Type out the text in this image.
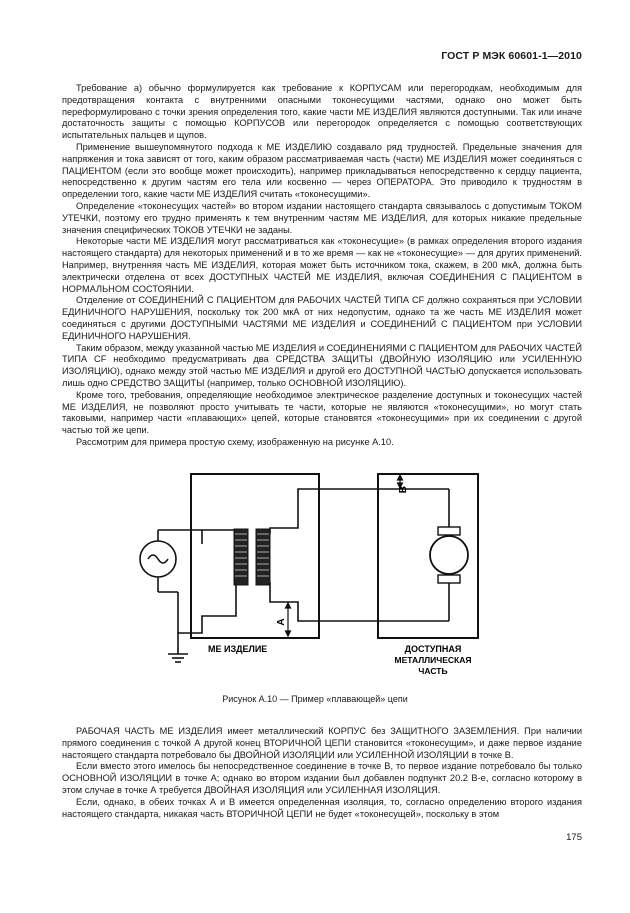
ГОСТ Р МЭК 60601-1—2010

Требование а) обычно формулируется как требование к КОРПУСАМ или перегородкам, необходимым для предотвращения контакта с внутренними опасными токонесущими частями, однако оно может быть переформулировано с точки зрения определения того, какие части МЕ ИЗДЕЛИЯ являются доступными. Так или иначе достаточность защиты с помощью КОРПУСОВ или перегородок определяется с помощью соответствующих испытательных пальцев и щупов.

Применение вышеупомянутого подхода к МЕ ИЗДЕЛИЮ создавало ряд трудностей. Предельные значения для напряжения и тока зависят от того, каким образом рассматриваемая часть (части) МЕ ИЗДЕЛИЯ может соединяться с ПАЦИЕНТОМ (если это вообще может происходить), например прикладываться непосредственно к сердцу пациента, непосредственно к другим частям его тела или косвенно — через ОПЕРАТОРА. Это приводило к трудностям в определении того, какие части МЕ ИЗДЕЛИЯ считать «токонесущими».

Определение «токонесущих частей» во втором издании настоящего стандарта связывалось с допустимым ТОКОМ УТЕЧКИ, поэтому его трудно применять к тем внутренним частям МЕ ИЗДЕЛИЯ, для которых никакие предельные значения специфических ТОКОВ УТЕЧКИ не заданы.

Некоторые части МЕ ИЗДЕЛИЯ могут рассматриваться как «токонесущие» (в рамках определения второго издания настоящего стандарта) для некоторых применений и в то же время — как не «токонесущие» — для других применений. Например, внутренняя часть МЕ ИЗДЕЛИЯ, которая может быть источником тока, скажем, в 200 мкА, должна быть электрически отделена от всех ДОСТУПНЫХ ЧАСТЕЙ МЕ ИЗДЕЛИЯ, включая СОЕДИНЕНИЯ С ПАЦИЕНТОМ в НОРМАЛЬНОМ СОСТОЯНИИ.

Отделение от СОЕДИНЕНИЙ С ПАЦИЕНТОМ для РАБОЧИХ ЧАСТЕЙ ТИПА CF должно сохраняться при УСЛОВИИ ЕДИНИЧНОГО НАРУШЕНИЯ, поскольку ток 200 мкА от них недопустим, однако та же часть МЕ ИЗДЕЛИЯ может соединяться с другими ДОСТУПНЫМИ ЧАСТЯМИ МЕ ИЗДЕЛИЯ и СОЕДИНЕНИЙ С ПАЦИЕНТОМ при УСЛОВИИ ЕДИНИЧНОГО НАРУШЕНИЯ.

Таким образом, между указанной частью МЕ ИЗДЕЛИЯ и СОЕДИНЕНИЯМИ С ПАЦИЕНТОМ для РАБОЧИХ ЧАСТЕЙ ТИПА CF необходимо предусматривать два СРЕДСТВА ЗАЩИТЫ (ДВОЙНУЮ ИЗОЛЯЦИЮ или УСИЛЕННУЮ ИЗОЛЯЦИЮ), однако между этой частью МЕ ИЗДЕЛИЯ и другой его ДОСТУПНОЙ ЧАСТЬЮ допускается использовать лишь одно СРЕДСТВО ЗАЩИТЫ (например, только ОСНОВНОЙ ИЗОЛЯЦИЮ).

Кроме того, требования, определяющие необходимое электрическое разделение доступных и токонесущих частей МЕ ИЗДЕЛИЯ, не позволяют просто учитывать те части, которые не являются «токонесущими», но могут стать таковыми, например части «плавающих» цепей, которые становятся «токонесущими» при их соединении с другой частью той же цепи.

Рассмотрим для примера простую схему, изображенную на рисунке А.10.

B
A
МЕ ИЗДЕЛИЕ	ДОСТУПНАЯ
МЕТАЛЛИЧЕСКАЯ
ЧАСТЬ
Рисунок А.10 — Пример «плавающей» цепи

РАБОЧАЯ ЧАСТЬ МЕ ИЗДЕЛИЯ имеет металлический КОРПУС без ЗАЩИТНОГО ЗАЗЕМЛЕНИЯ. При наличии прямого соединения с точкой А другой конец ВТОРИЧНОЙ ЦЕПИ становится «токонесущим», и даже первое издание настоящего стандарта потребовало бы ДВОЙНОЙ ИЗОЛЯЦИИ или УСИЛЕННОЙ ИЗОЛЯЦИИ в точке В.

Если вместо этого имелось бы непосредственное соединение в точке В, то первое издание потребовало бы только ОСНОВНОЙ ИЗОЛЯЦИИ в точке А; однако во втором издании был добавлен подпункт 20.2 В-е, согласно которому в этом случае в точке А требуется ДВОЙНАЯ ИЗОЛЯЦИЯ или УСИЛЕННАЯ ИЗОЛЯЦИЯ.

Если, однако, в обеих точках А и В имеется определенная изоляция, то, согласно определению второго издания настоящего стандарта, никакая часть ВТОРИЧНОЙ ЦЕПИ не будет «токонесущей», поскольку в этом

175
